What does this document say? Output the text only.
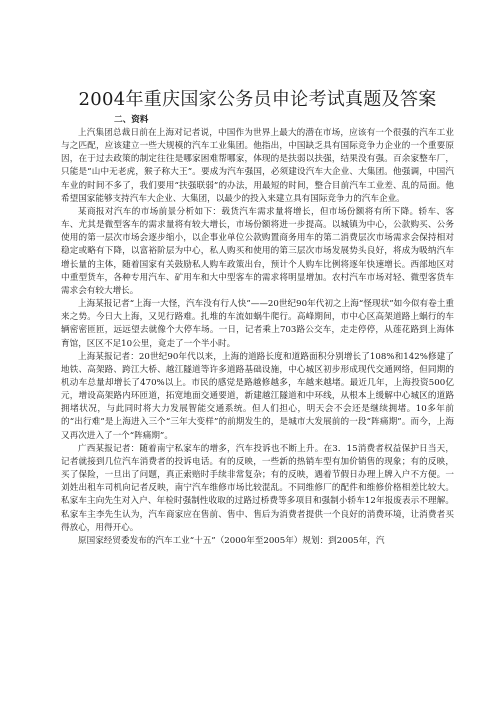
2004年重庆国家公务员申论考试真题及答案
二、资料

上汽集团总裁日前在上海对记者说，中国作为世界上最大的潜在市场，应该有一个很强的汽车工业与之匹配，应该建立一些大规模的汽车工业集团。他指出，中国缺乏具有国际竞争力企业的一个重要原因，在于过去政策的制定往往是哪家困难帮哪家，体现的是扶弱以扶强，结果没有强。百余家整车厂，只能是“山中无老虎，猴子称大王”。要成为汽车强国，必须建设汽车大企业、大集团。他强调，中国汽车业的时间不多了，我们要用“扶强联弱”的办法，用最短的时间，整合目前汽车工业差、乱的局面。他希望国家能够支持汽车大企业、大集团，以最少的投入来建立具有国际竞争力的汽车企业。

某商报对汽车的市场前景分析如下：载货汽车需求量将增长，但市场份额将有所下降。轿车、客车、尤其是微型客车的需求量将有较大增长，市场份额将进一步提高。以城镇为中心，公款购买、公务使用的第一层次市场会逐步缩小，以企事业单位公款购置商务用车的第二消费层次市场需求会保持相对稳定或略有下降，以富裕阶层为中心，私人购买和使用的第三层次市场发展势头良好，将成为吸纳汽车增长量的主体，随着国家有关鼓励私人购车政策出台，预计个人购车比例将逐年快速增长。西部地区对中重型货车，各种专用汽车、矿用车和大中型客车的需求将明显增加。农村汽车市场对轻、微型客货车需求会有较大增长。

上海某报记者“上海一大怪，汽车没有行人快”——20世纪90年代初之上海“怪现状”如今似有卷土重来之势。今日大上海，又见行路难。扎堆的车流如蜗牛爬行。高峰期间，市中心区高架道路上蜗行的车辆密密匝匝，远远望去就像个大停车场。一日，记者乘上703路公交车，走走停停，从莲花路到上海体育馆，区区不足10公里，竟走了一个半小时。

上海某报记者：20世纪90年代以来，上海的道路长度和道路面积分别增长了108%和142%修建了地铁、高架路、跨江大桥、越江隧道等许多道路基础设施，中心城区初步形成现代交通网络，但同期的机动车总量却增长了470%以上。市民的感觉是路越修越多，车越来越堵。最近几年，上海投资500亿元，增设高架路内环匝道，拓宽地面交通要道，新建越江隧道和中环线，从根本上缓解中心城区的道路拥堵状况，与此同时将大力发展智能交通系统。但人们担心，明天会不会还是继续拥堵。10多年前的“出行难”是上海进入三个“三年大变样”的前期发生的，是城市大发展前的一段“阵痛期”。而今，上海又再次进入了一个“阵痛期”。

广西某报记者：随着南宁私家车的增多，汽车投诉也不断上升。在3．15消费者权益保护日当天，记者就接到几位汽车消费者的投诉电话。有的反映，一些新的热销车型有加价销售的现象；有的反映，买了保险，一旦出了问题，真正索赔时手续非常复杂；有的反映，遇着节假日办理上牌入户不方便。一刘姓出租车司机向记者反映，南宁汽车维修市场比较混乱。不同维修厂的配件和维修价格相差比较大。私家车主向先生对入户、年检时强制性收取的过路过桥费等多项目和强制小轿车12年报废表示不理解。私家车主李先生认为，汽车商家应在售前、售中、售后为消费者提供一个良好的消费环境，让消费者买得放心，用得开心。

原国家经贸委发布的汽车工业“十五”（2000年至2005年）规划：到2005年，汽
